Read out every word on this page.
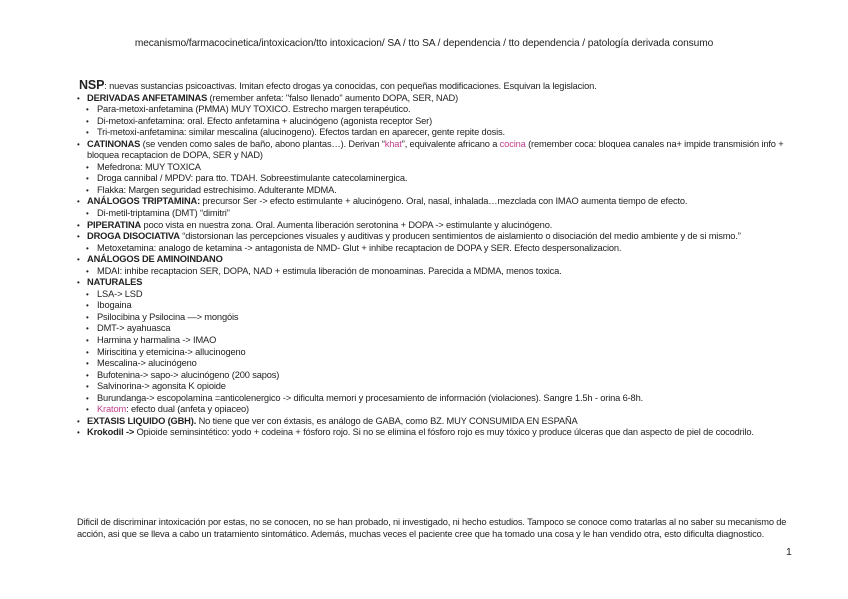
mecanismo/farmacocinetica/intoxicacion/tto intoxicacion/ SA / tto SA / dependencia / tto dependencia / patología derivada consumo
NSP: nuevas sustancias psicoactivas. Imitan efecto drogas ya conocidas, con pequeñas modificaciones. Esquivan la legislacion.
• DERIVADAS ANFETAMINAS (remember anfeta: "falso llenado" aumento DOPA, SER, NAD)
• Para-metoxi-anfetamina (PMMA) MUY TOXICO. Estrecho margen terapéutico.
• Di-metoxi-anfetamina: oral. Efecto anfetamina + alucinógeno (agonista receptor Ser)
• Tri-metoxi-anfetamina: similar mescalina (alucinogeno). Efectos tardan en aparecer, gente repite dosis.
• CATINONAS (se venden como sales de baño, abono plantas…). Derivan “khat”, equivalente africano a cocina (remember coca: bloquea canales na+ impide transmisión info + bloquea recaptacion de DOPA, SER y NAD)
• Mefedrona: MUY TOXICA
• Droga cannibal / MPDV: para tto. TDAH. Sobreestimulante catecolaminergica.
• Flakka: Margen seguridad estrechisimo. Adulterante MDMA.
• ANÁLOGOS TRIPTAMINA: precursor Ser -> efecto estimulante + alucinógeno. Oral, nasal, inhalada…mezclada con IMAO aumenta tiempo de efecto.
• Di-metil-triptamina (DMT) “dimitri”
• PIPERATINA poco vista en nuestra zona. Oral. Aumenta liberación serotonina + DOPA -> estimulante y alucinógeno.
• DROGA DISOCIATIVA “distorsionan las percepciones visuales y auditivas y producen sentimientos de aislamiento o disociación del medio ambiente y de si mismo.”
• Metoxetamina: analogo de ketamina -> antagonista de NMD- Glut + inhibe recaptacion de DOPA y SER. Efecto despersonalizacion.
• ANÁLOGOS DE AMINOINDANO
• MDAI: inhibe recaptacion SER, DOPA, NAD + estimula liberación de monoaminas. Parecida a MDMA, menos toxica.
• NATURALES
• LSA-> LSD
• Ibogaina
• Psilocibina y Psilocina —> mongóis
• DMT-> ayahuasca
• Harmina y harmalina -> IMAO
• Miriscitina y etemicina-> allucinogeno
• Mescalina-> alucinógeno
• Bufotenina-> sapo-> alucinógeno (200 sapos)
• Salvinorina-> agonsita K opioide
• Burundanga-> escopolamina =anticolenergico -> dificulta memori y procesamiento de información (violaciones). Sangre 1.5h - orina 6-8h.
• Kratom: efecto dual (anfeta y opiaceo)
• EXTASIS LIQUIDO (GBH). No tiene que ver con éxtasis, es análogo de GABA, como BZ. MUY CONSUMIDA EN ESPAÑA
• Krokodil -> Opioide seminsintético: yodo + codeina + fósforo rojo. Si no se elimina el fósforo rojo es muy tóxico y produce úlceras que dan aspecto de piel de cocodrilo.
Dificil de discriminar intoxicación por estas, no se conocen, no se han probado, ni investigado, ni hecho estudios. Tampoco se conoce como tratarlas al no saber su mecanismo de acción, asi que se lleva a cabo un tratamiento sintomático. Además, muchas veces el paciente cree que ha tomado una cosa y le han vendido otra, esto dificulta diagnostico.
1
